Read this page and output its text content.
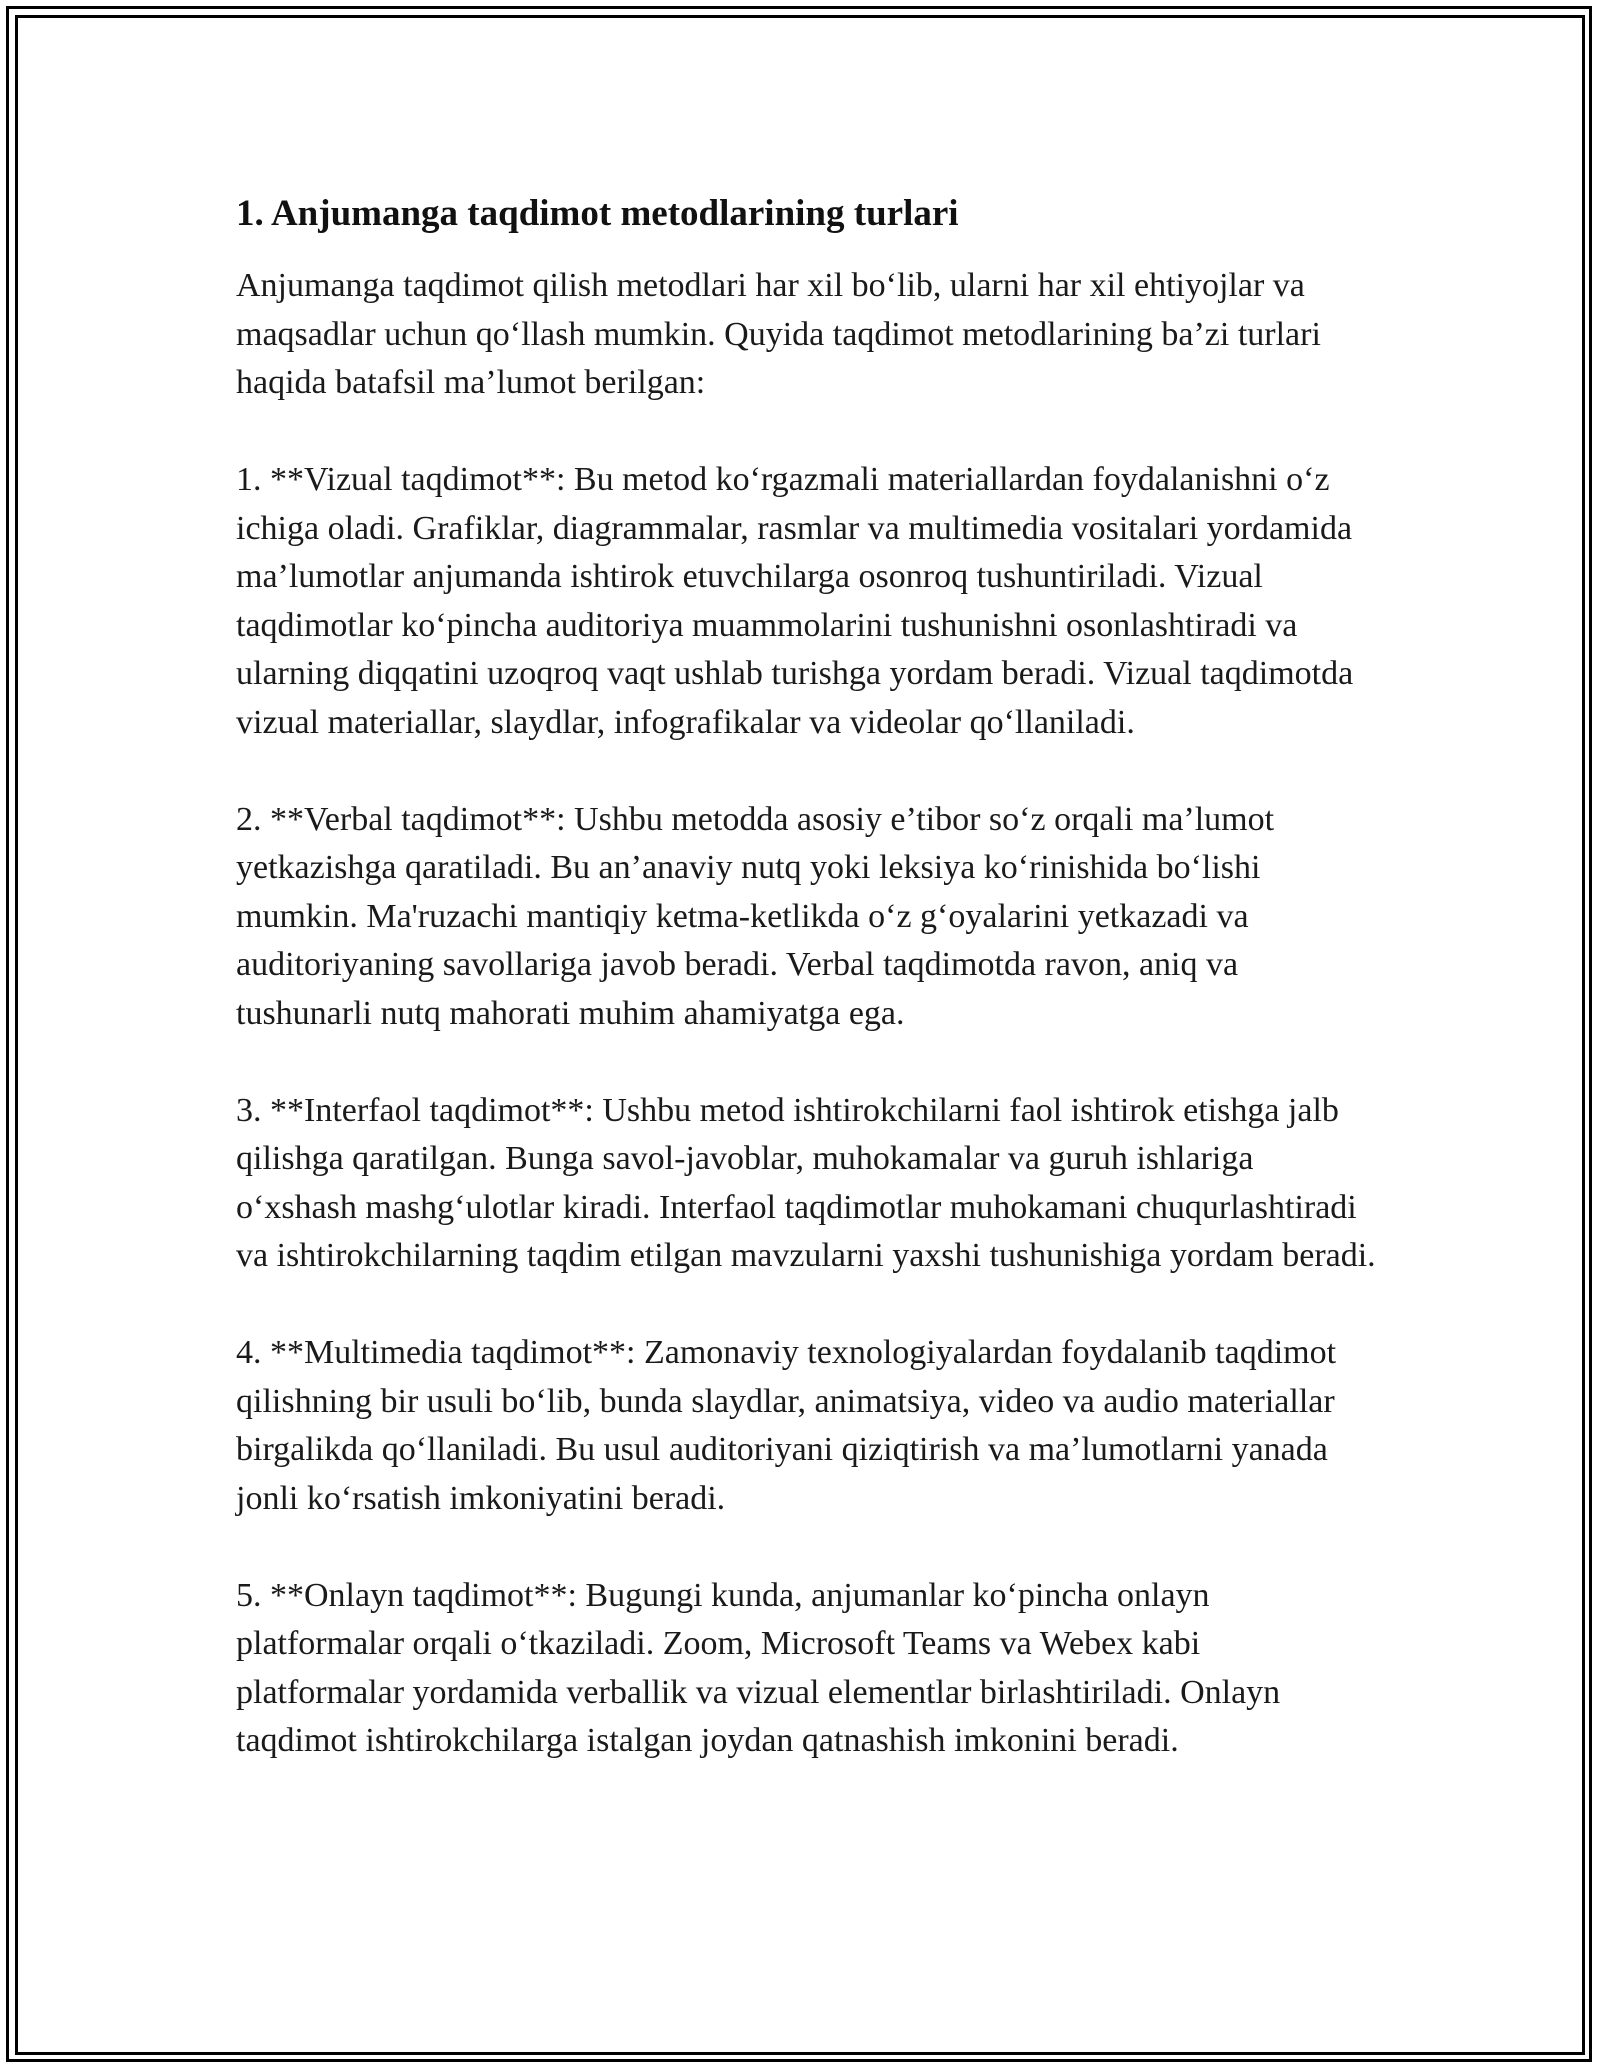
1. Anjumanga taqdimot metodlarining turlari

Anjumanga taqdimot qilish metodlari har xil bo‘lib, ularni har xil ehtiyojlar va maqsadlar uchun qo‘llash mumkin. Quyida taqdimot metodlarining ba’zi turlari haqida batafsil ma’lumot berilgan:

1. **Vizual taqdimot**: Bu metod ko‘rgazmali materiallardan foydalanishni o‘z ichiga oladi. Grafiklar, diagrammalar, rasmlar va multimedia vositalari yordamida ma’lumotlar anjumanda ishtirok etuvchilarga osonroq tushuntiriladi. Vizual taqdimotlar ko‘pincha auditoriya muammolarini tushunishni osonlashtiradi va ularning diqqatini uzoqroq vaqt ushlab turishga yordam beradi. Vizual taqdimotda vizual materiallar, slaydlar, infografikalar va videolar qo‘llaniladi.

2. **Verbal taqdimot**: Ushbu metodda asosiy e’tibor so‘z orqali ma’lumot yetkazishga qaratiladi. Bu an’anaviy nutq yoki leksiya ko‘rinishida bo‘lishi mumkin. Ma'ruzachi mantiqiy ketma-ketlikda o‘z g‘oyalarini yetkazadi va auditoriyaning savollariga javob beradi. Verbal taqdimotda ravon, aniq va tushunarli nutq mahorati muhim ahamiyatga ega.

3. **Interfaol taqdimot**: Ushbu metod ishtirokchilarni faol ishtirok etishga jalb qilishga qaratilgan. Bunga savol-javoblar, muhokamalar va guruh ishlariga o‘xshash mashg‘ulotlar kiradi. Interfaol taqdimotlar muhokamani chuqurlashtiradi va ishtirokchilarning taqdim etilgan mavzularni yaxshi tushunishiga yordam beradi.

4. **Multimedia taqdimot**: Zamonaviy texnologiyalardan foydalanib taqdimot qilishning bir usuli bo‘lib, bunda slaydlar, animatsiya, video va audio materiallar birgalikda qo‘llaniladi. Bu usul auditoriyani qiziqtirish va ma’lumotlarni yanada jonli ko‘rsatish imkoniyatini beradi.

5. **Onlayn taqdimot**: Bugungi kunda, anjumanlar ko‘pincha onlayn platformalar orqali o‘tkaziladi. Zoom, Microsoft Teams va Webex kabi platformalar yordamida verballik va vizual elementlar birlashtiriladi. Onlayn taqdimot ishtirokchilarga istalgan joydan qatnashish imkonini beradi.
